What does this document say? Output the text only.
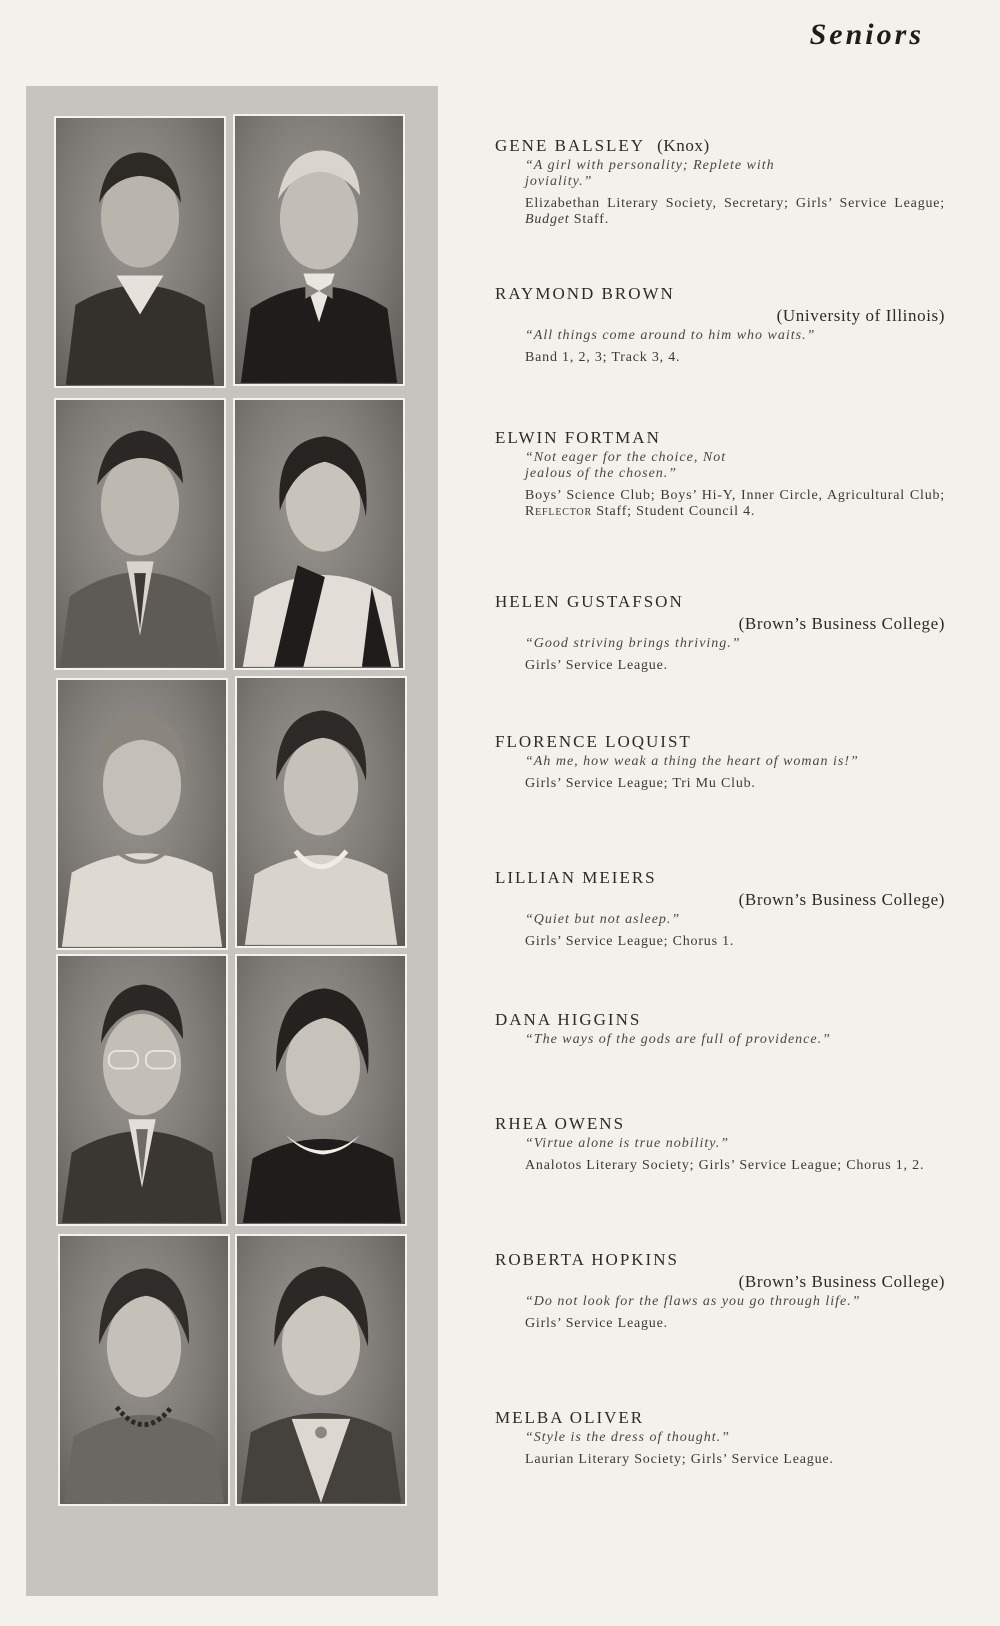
Seniors
GENE BALSLEY (Knox)
“A girl with personality; Replete with joviality.”
Elizabethan Literary Society, Secretary; Girls’ Service League; Budget Staff.
RAYMOND BROWN
(University of Illinois)
“All things come around to him who waits.”
Band 1, 2, 3; Track 3, 4.
ELWIN FORTMAN
“Not eager for the choice, Not jealous of the chosen.”
Boys’ Science Club; Boys’ Hi-Y, Inner Circle, Agricultural Club; Reflector Staff; Student Council 4.
HELEN GUSTAFSON
(Brown’s Business College)
“Good striving brings thriving.”
Girls’ Service League.
FLORENCE LOQUIST
“Ah me, how weak a thing the heart of woman is!”
Girls’ Service League; Tri Mu Club.
LILLIAN MEIERS
(Brown’s Business College)
“Quiet but not asleep.”
Girls’ Service League; Chorus 1.
DANA HIGGINS
“The ways of the gods are full of providence.”
RHEA OWENS
“Virtue alone is true nobility.”
Analotos Literary Society; Girls’ Service League; Chorus 1, 2.
ROBERTA HOPKINS
(Brown’s Business College)
“Do not look for the flaws as you go through life.”
Girls’ Service League.
MELBA OLIVER
“Style is the dress of thought.”
Laurian Literary Society; Girls’ Service League.
